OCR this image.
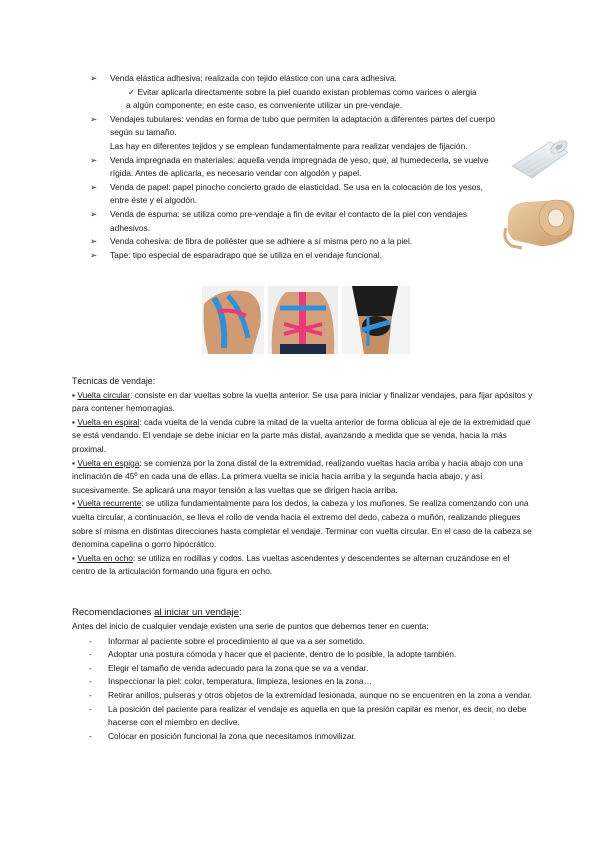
➢	Venda elástica adhesiva: realizada con tejido elástico con una cara adhesiva.
✓ Evitar aplicarla directamente sobre la piel cuando existan problemas como varices o alergia
a algún componente; en este caso, es conveniente utilizar un pre-vendaje.
➢	Vendajes tubulares: vendas en forma de tubo que permiten la adaptación a diferentes partes del cuerpo según su tamaño.
Las hay en diferentes tejidos y se emplean fundamentalmente para realizar vendajes de fijación.
➢	Venda impregnada en materiales: aquella venda impregnada de yeso, que, al humedecerla, se vuelve rígida. Antes de aplicarla, es necesario vendar con algodón y papel.
➢	Venda de papel: papel pinocho concierto grado de elasticidad. Se usa en la colocación de los yesos, entre éste y el algodón.
➢	Venda de espuma: se utiliza como pre-vendaje a fin de evitar el contacto de la piel con vendajes adhesivos.
➢	Venda cohesiva: de fibra de poliéster que se adhiere a sí misma pero no a la piel.
➢	Tape: tipo especial de esparadrapo que se utiliza en el vendaje funcional.

Técnicas de vendaje:

▪ Vuelta circular: consiste en dar vueltas sobre la vuelta anterior. Se usa para iniciar y finalizar vendajes, para fijar apósitos y para contener hemorragias.

▪ Vuelta en espiral: cada vuelta de la venda cubre la mitad de la vuelta anterior de forma oblicua al eje de la extremidad que se está vendando. El vendaje se debe iniciar en la parte más distal, avanzando a medida que se venda, hacia la más proximal.

▪ Vuelta en espiga: se comienza por la zona distal de la extremidad, realizando vueltas hacia arriba y hacia abajo con una inclinación de 45º en cada una de ellas. La primera vuelta se inicia hacia arriba y la segunda hacia abajo, y así sucesivamente. Se aplicará una mayor tensión a las vueltas que se dirigen hacia arriba.

▪ Vuelta recurrente: se utiliza fundamentalmente para los dedos, la cabeza y los muñones. Se realiza comenzando con una vuelta circular, a continuación, se lleva el rollo de venda hacia el extremo del dedo, cabeza o muñón, realizando pliegues sobre sí misma en distintas direcciones hasta completar el vendaje. Terminar con vuelta circular. En el caso de la cabeza se denomina capelina o gorro hipocrático.

▪ Vuelta en ocho: se utiliza en rodillas y codos. Las vueltas ascendentes y descendentes se alternan cruzándose en el centro de la articulación formando una figura en ocho.

Recomendaciones al iniciar un vendaje:
Antes del inicio de cualquier vendaje existen una serie de puntos que debemos tener en cuenta:
- Informar al paciente sobre el procedimiento al que va a ser sometido.
- Adoptar una postura cómoda y hacer que el paciente, dentro de lo posible, la adopte también.
- Elegir el tamaño de venda adecuado para la zona que se va a vendar.
- Inspeccionar la piel: color, temperatura, limpieza, lesiones en la zona…
- Retirar anillos, pulseras y otros objetos de la extremidad lesionada, aunque no se encuentren en la zona a vendar.
- La posición del paciente para realizar el vendaje es aquella en que la presión capilar es menor, es decir, no debe hacerse con el miembro en declive.
- Colocar en posición funcional la zona que necesitamos inmovilizar.
